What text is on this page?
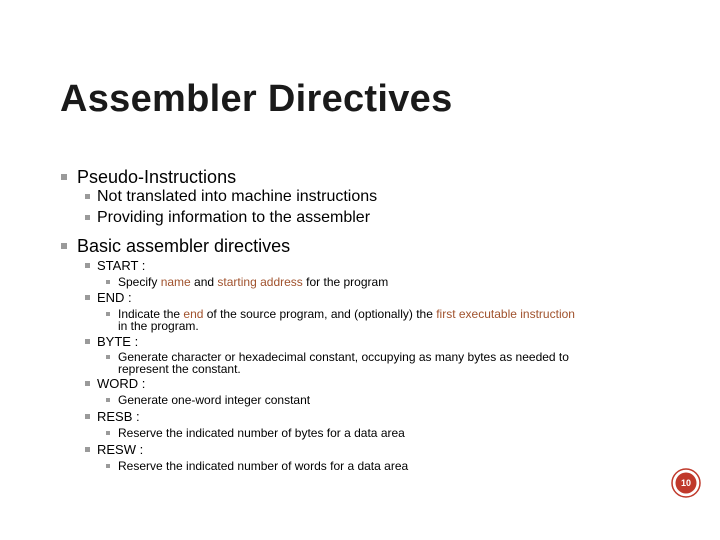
Assembler Directives
Pseudo-Instructions
Not translated into machine instructions
Providing information to the assembler
Basic assembler directives
START :
Specify name and starting address for the program
END :
Indicate the end of the source program, and (optionally) the first executable instruction
in the program.
BYTE :
Generate character or hexadecimal constant, occupying as many bytes as needed to
represent the constant.
WORD :
Generate one-word integer constant
RESB :
Reserve the indicated number of bytes for a data area
RESW :
Reserve the indicated number of words for a data area
10
